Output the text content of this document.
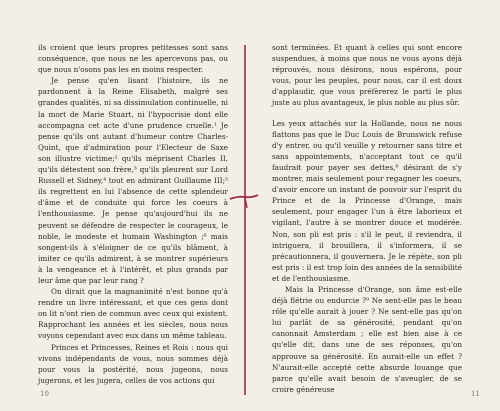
ils croient que leurs propres petitesses sont sans conséquence, que nous ne les apercevons pas, ou que nous n'osons pas les en moins respecter.

Je pense qu'en lisant l'histoire, ils ne pardonnent à la Reine Elisabeth, malgré ses grandes qualités, ni sa dissimulation continuelle, ni la mort de Marie Stuart, ni l'hypocrisie dont elle accompagna cet acte d'une prudence cruelle.¹ Je pense qu'ils ont autant d'humeur contre Charles-Quint, que d'admiration pour l'Electeur de Saxe son illustre victime;² qu'ils méprisent Charles II, qu'ils détestent son frère,³ qu'ils pleurent sur Lord Russell et Sidney,⁴ tout en admirant Guillaume III;⁵ ils regrettent en lui l'absence de cette splendeur d'âme et de conduite qui force les coeurs à l'enthousiasme. Je pense qu'aujourd'hui ils ne peuvent se défendre de respecter le courageux, le noble, le modeste et humain Washington ;⁶ mais songent-ils à s'éloigner de ce qu'ils blâment, à imiter ce qu'ils admirent, à se montrer supérieurs à la vengeance et à l'intérêt, et plus grands par leur âme que par leur rang ?

On dirait que la magnanimité n'est bonne qu'à rendre un livre intéressant, et que ces gens dont on lit n'ont rien de commun avec ceux qui existent. Rapprochant les années et les siècles, nous nous voyons cependant avec eux dans un même tableau.

Princes et Princesses, Reines et Rois : nous qui vivons indépendants de vous, nous sommes déjà pour vous la postérité, nous jugeons, nous jugerons, et les jugera, celles de vos actions qui

10

sont terminées. Et quant à celles qui sont encore suspendues, à moins que nous ne vous ayons déjà réprouvés, nous désirons, nous espérons, pour vous, pour les peuples, pour nous, car il est doux d'applaudir, que vous préfèrerez le parti le plus juste au plus avantageux, le plus noble au plus sûr.

Les yeux attachés sur la Hollande, nous ne nous flattons pas que le Duc Louis de Brunswick refuse d'y entrer, ou qu'il veuille y retourner sans titre et sans appointements, n'acceptant tout ce qu'il faudrait pour payer ses dettes,⁸ désirant de s'y montrer, mais seulement pour regagner les coeurs, d'avoir encore un instant de pouvoir sur l'esprit du Prince et de la Princesse d'Orange, mais seulement, pour engager l'un à être laborieux et vigilant, l'autre à se montrer douce et modérée. Non, son pli est pris : s'il le peut, il reviendra, il intriguera, il brouillera, il s'informera, il se précautionnera, il gouvernera. Je le répète, son pli est pris : il est trop loin des années de la sensibilité et de l'enthousiasme.

Mais la Princesse d'Orange, son âme est-elle déjà flétrie ou endurcie ?⁹ Ne sent-elle pas le beau rôle qu'elle aurait à jouer ? Ne sent-elle pas qu'on lui parlât de sa générosité, pendant qu'on canonnait Amsterdam ; elle est bien aise à ce qu'elle dit, dans une de ses réponses, qu'on approuve sa générosité. En aurait-elle un effet ? N'aurait-elle accepté cette absurde louange que parce qu'elle avait besoin de s'aveugler, de se croire généreuse

11
